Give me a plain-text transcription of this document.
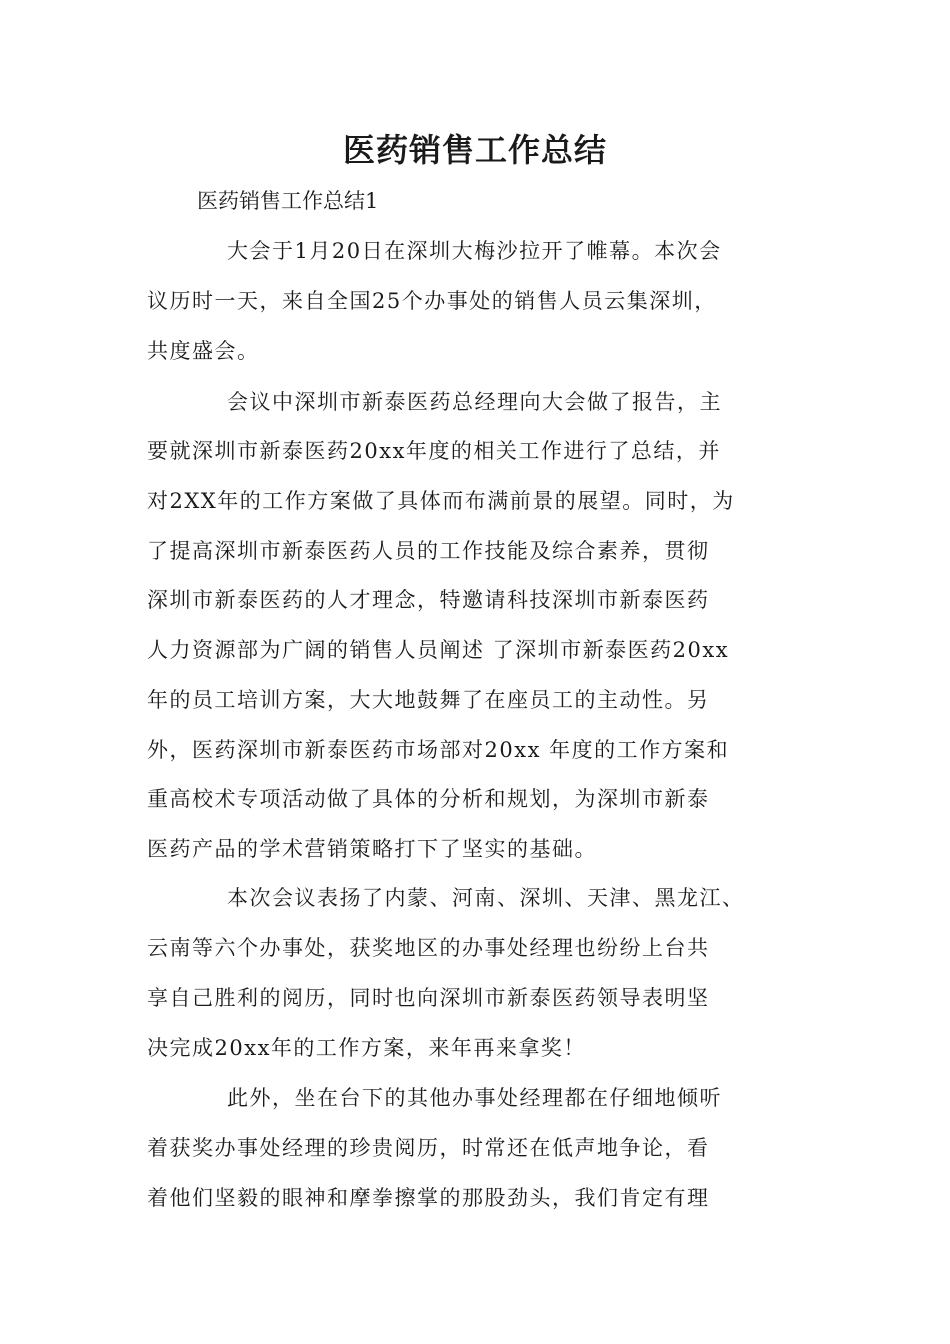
医药销售工作总结
医药销售工作总结1
大会于1月20日在深圳大梅沙拉开了帷幕。本次会
议历时一天，来自全国25个办事处的销售人员云集深圳，
共度盛会。
会议中深圳市新泰医药总经理向大会做了报告，主
要就深圳市新泰医药20xx年度的相关工作进行了总结，并
对2XX年的工作方案做了具体而布满前景的展望。同时，为
了提高深圳市新泰医药人员的工作技能及综合素养，贯彻
深圳市新泰医药的人才理念，特邀请科技深圳市新泰医药
人力资源部为广阔的销售人员阐述 了深圳市新泰医药20xx
年的员工培训方案，大大地鼓舞了在座员工的主动性。另
外，医药深圳市新泰医药市场部对20xx 年度的工作方案和
重高校术专项活动做了具体的分析和规划，为深圳市新泰
医药产品的学术营销策略打下了坚实的基础。
本次会议表扬了内蒙、河南、深圳、天津、黑龙江、
云南等六个办事处，获奖地区的办事处经理也纷纷上台共
享自己胜利的阅历，同时也向深圳市新泰医药领导表明坚
决完成20xx年的工作方案，来年再来拿奖！
此外，坐在台下的其他办事处经理都在仔细地倾听
着获奖办事处经理的珍贵阅历，时常还在低声地争论，看
着他们坚毅的眼神和摩拳擦掌的那股劲头，我们肯定有理
